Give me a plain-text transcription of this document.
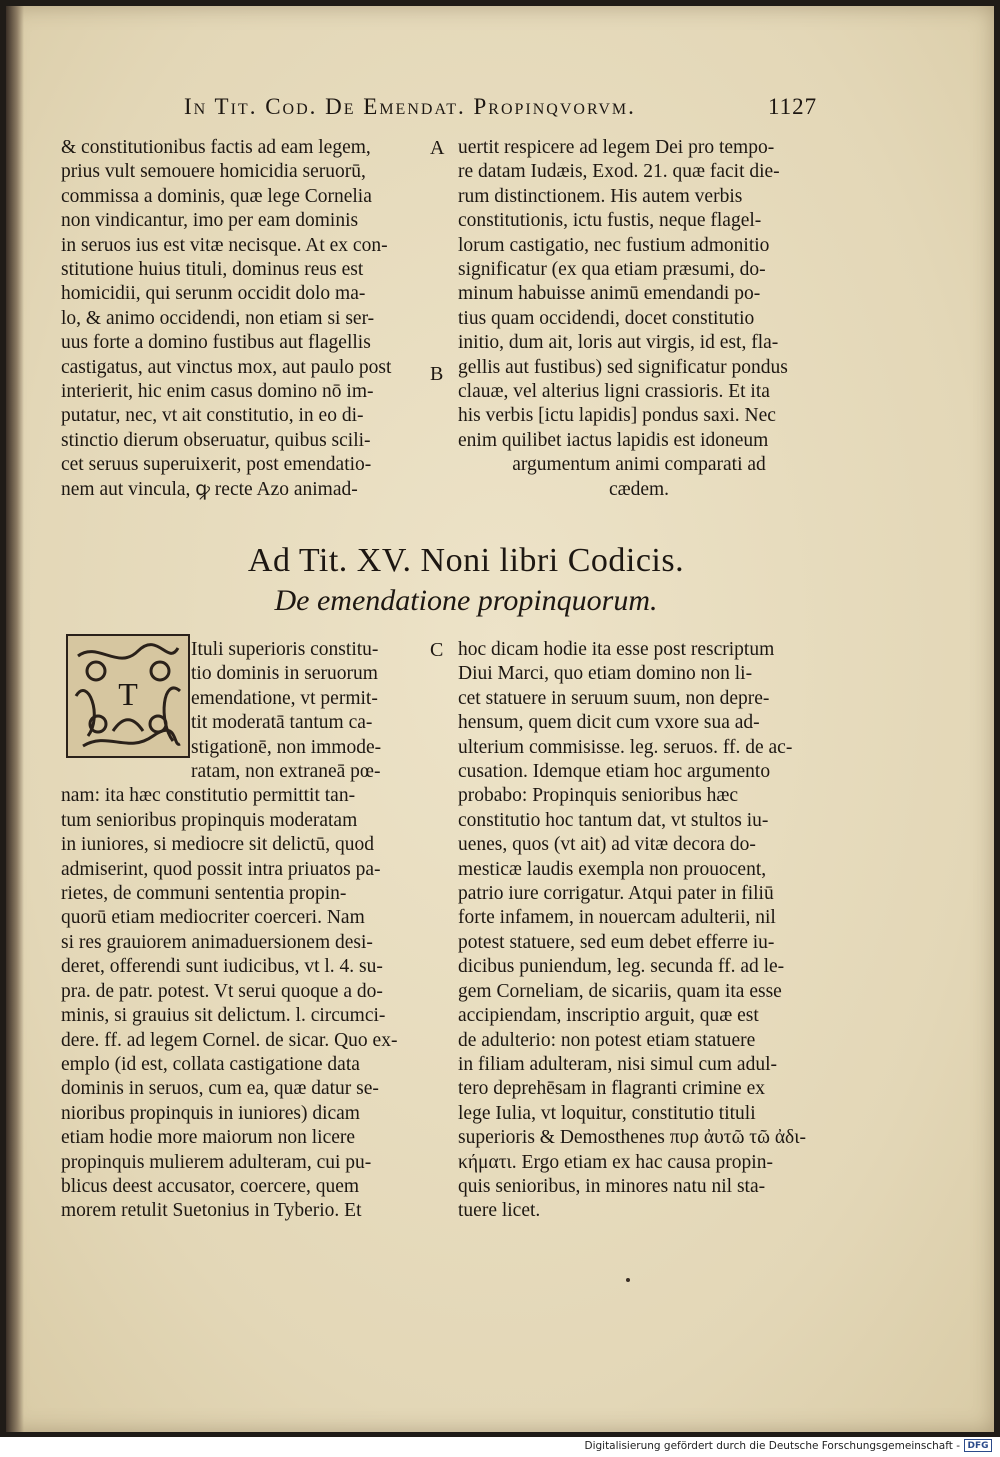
In Tit. Cod. De Emendat. Propinqvorvm.	1127
& constitutionibus factis ad eam legem,
prius vult semouere homicidia seruorū,
commissa a dominis, quæ lege Cornelia
non vindicantur, imo per eam dominis
in seruos ius est vitæ necisque. At ex con-
stitutione huius tituli, dominus reus est
homicidii, qui serunm occidit dolo ma-
lo, & animo occidendi, non etiam si ser-
uus forte a domino fustibus aut flagellis
castigatus, aut vinctus mox, aut paulo post
interierit, hic enim casus domino nō im-
putatur, nec, vt ait constitutio, in eo di-
stinctio dierum obseruatur, quibus scili-
cet seruus superuixerit, post emendatio-
nem aut vincula, ꝙ recte Azo animad-
A
B
uertit respicere ad legem Dei pro tempo-
re datam Iudæis, Exod. 21. quæ facit die-
rum distinctionem. His autem verbis
constitutionis, ictu fustis, neque flagel-
lorum castigatio, nec fustium admonitio
significatur (ex qua etiam præsumi, do-
minum habuisse animū emendandi po-
tius quam occidendi, docet constitutio
initio, dum ait, loris aut virgis, id est, fla-
gellis aut fustibus) sed significatur pondus
clauæ, vel alterius ligni crassioris. Et ita
his verbis [ictu lapidis] pondus saxi. Nec
enim quilibet iactus lapidis est idoneum
argumentum animi comparati ad
cædem.
Ad Tit. XV. Noni libri Codicis.
De emendatione propinquorum.
T
Ituli superioris constitu-
tio dominis in seruorum
emendatione, vt permit-
tit moderatā tantum ca-
stigationē, non immode-
ratam, non extraneā pœ-
nam: ita hæc constitutio permittit tan-
tum senioribus propinquis moderatam
in iuniores, si mediocre sit delictū, quod
admiserint, quod possit intra priuatos pa-
rietes, de communi sententia propin-
quorū etiam mediocriter coerceri. Nam
si res grauiorem animaduersionem desi-
deret, offerendi sunt iudicibus, vt l. 4. su-
pra. de patr. potest. Vt serui quoque a do-
minis, si grauius sit delictum. l. circumci-
dere. ff. ad legem Cornel. de sicar. Quo ex-
emplo (id est, collata castigatione data
dominis in seruos, cum ea, quæ datur se-
nioribus propinquis in iuniores) dicam
etiam hodie more maiorum non licere
propinquis mulierem adulteram, cui pu-
blicus deest accusator, coercere, quem
morem retulit Suetonius in Tyberio. Et
C hoc dicam hodie ita esse post rescriptum
Diui Marci, quo etiam domino non li-
cet statuere in seruum suum, non depre-
hensum, quem dicit cum vxore sua ad-
ulterium commisisse. leg. seruos. ff. de ac-
cusation. Idemque etiam hoc argumento
probabo: Propinquis senioribus hæc
constitutio hoc tantum dat, vt stultos iu-
uenes, quos (vt ait) ad vitæ decora do-
mesticæ laudis exempla non prouocent,
patrio iure corrigatur. Atqui pater in filiū
forte infamem, in nouercam adulterii, nil
potest statuere, sed eum debet efferre iu-
dicibus puniendum, leg. secunda ff. ad le-
gem Corneliam, de sicariis, quam ita esse
accipiendam, inscriptio arguit, quæ est
de adulterio: non potest etiam statuere
in filiam adulteram, nisi simul cum adul-
tero deprehēsam in flagranti crimine ex
lege Iulia, vt loquitur, constitutio tituli
superioris & Demosthenes πυρ ἀυτῶ τῶ ἀδι-
κήματι. Ergo etiam ex hac causa propin-
quis senioribus, in minores natu nil sta-
tuere licet.
Digitalisierung gefördert durch die Deutsche Forschungsgemeinschaft - DFG
